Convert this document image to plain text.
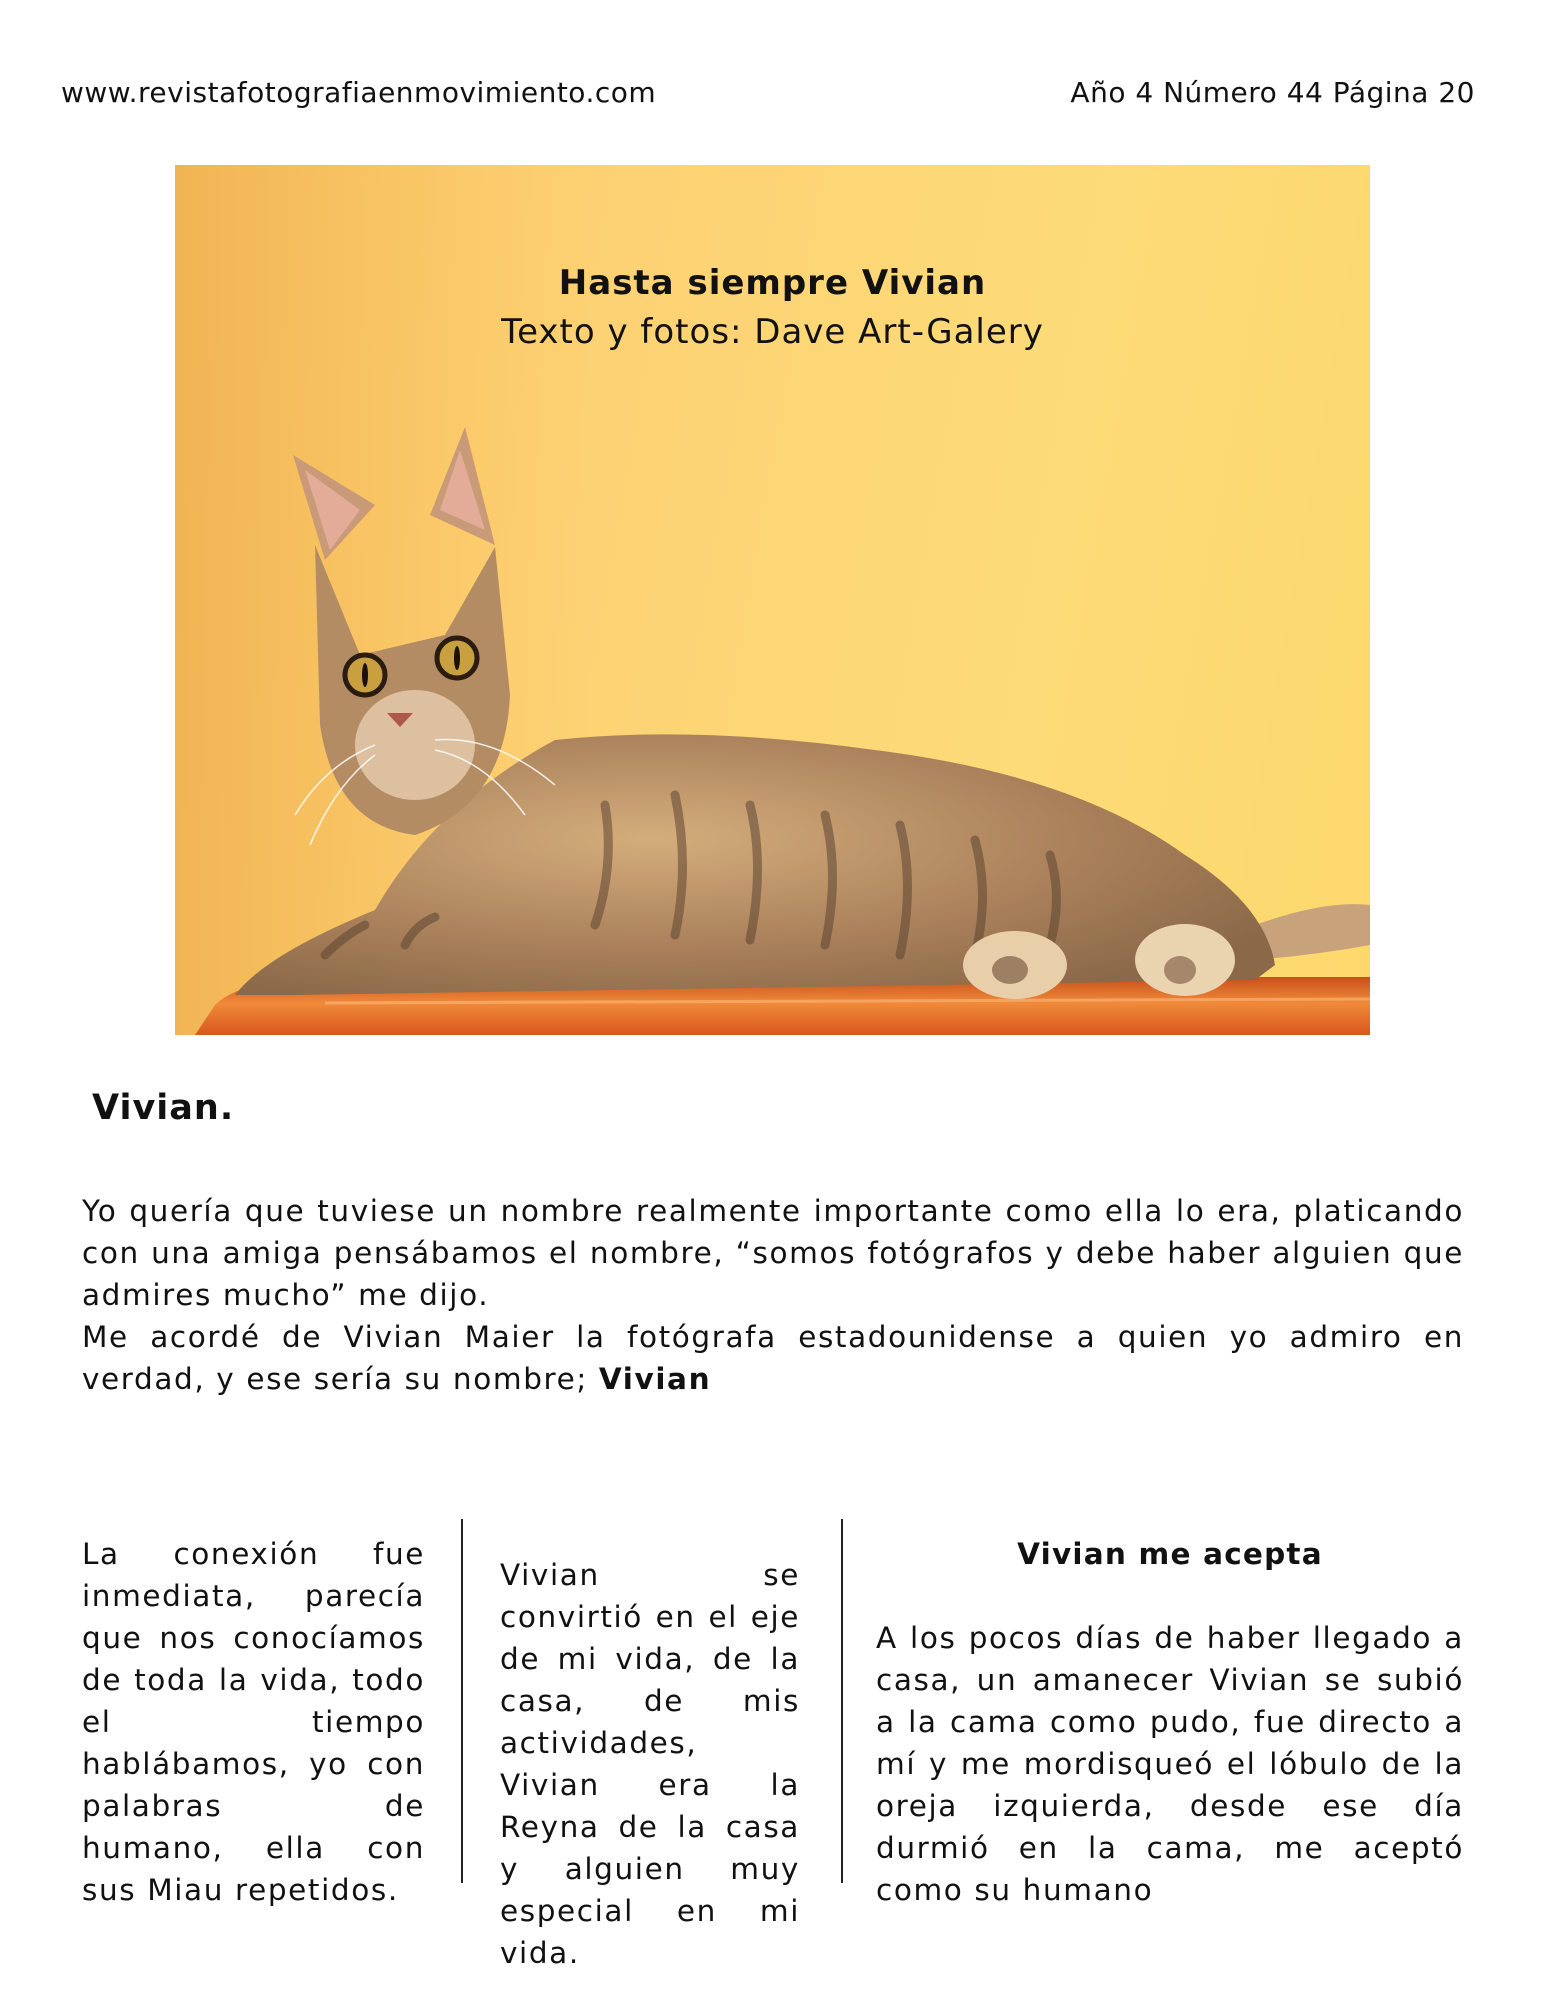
www.revistafotografiaenmovimiento.com	Año 4 Número 44 Página 20
Hasta siempre Vivian
Texto y fotos: Dave Art-Galery
Vivian.

Yo quería que tuviese un nombre realmente importante como ella lo era, platicando con una amiga pensábamos el nombre, “somos fotógrafos y debe haber alguien que admires mucho” me dijo.

Me acordé de Vivian Maier la fotógrafa estadounidense a quien yo admiro en verdad, y ese sería su nombre; Vivian

La conexión fue inmediata, parecía que nos conocíamos de toda la vida, todo el tiempo hablábamos, yo con palabras de humano, ella con sus Miau repetidos.

Vivian se convirtió en el eje de mi vida, de la casa, de mis actividades, Vivian era la Reyna de la casa y alguien muy especial en mi vida.

Vivian me acepta

A los pocos días de haber llegado a casa, un amanecer Vivian se subió a la cama como pudo, fue directo a mí y me mordisqueó el lóbulo de la oreja izquierda, desde ese día durmió en la cama, me aceptó como su humano
